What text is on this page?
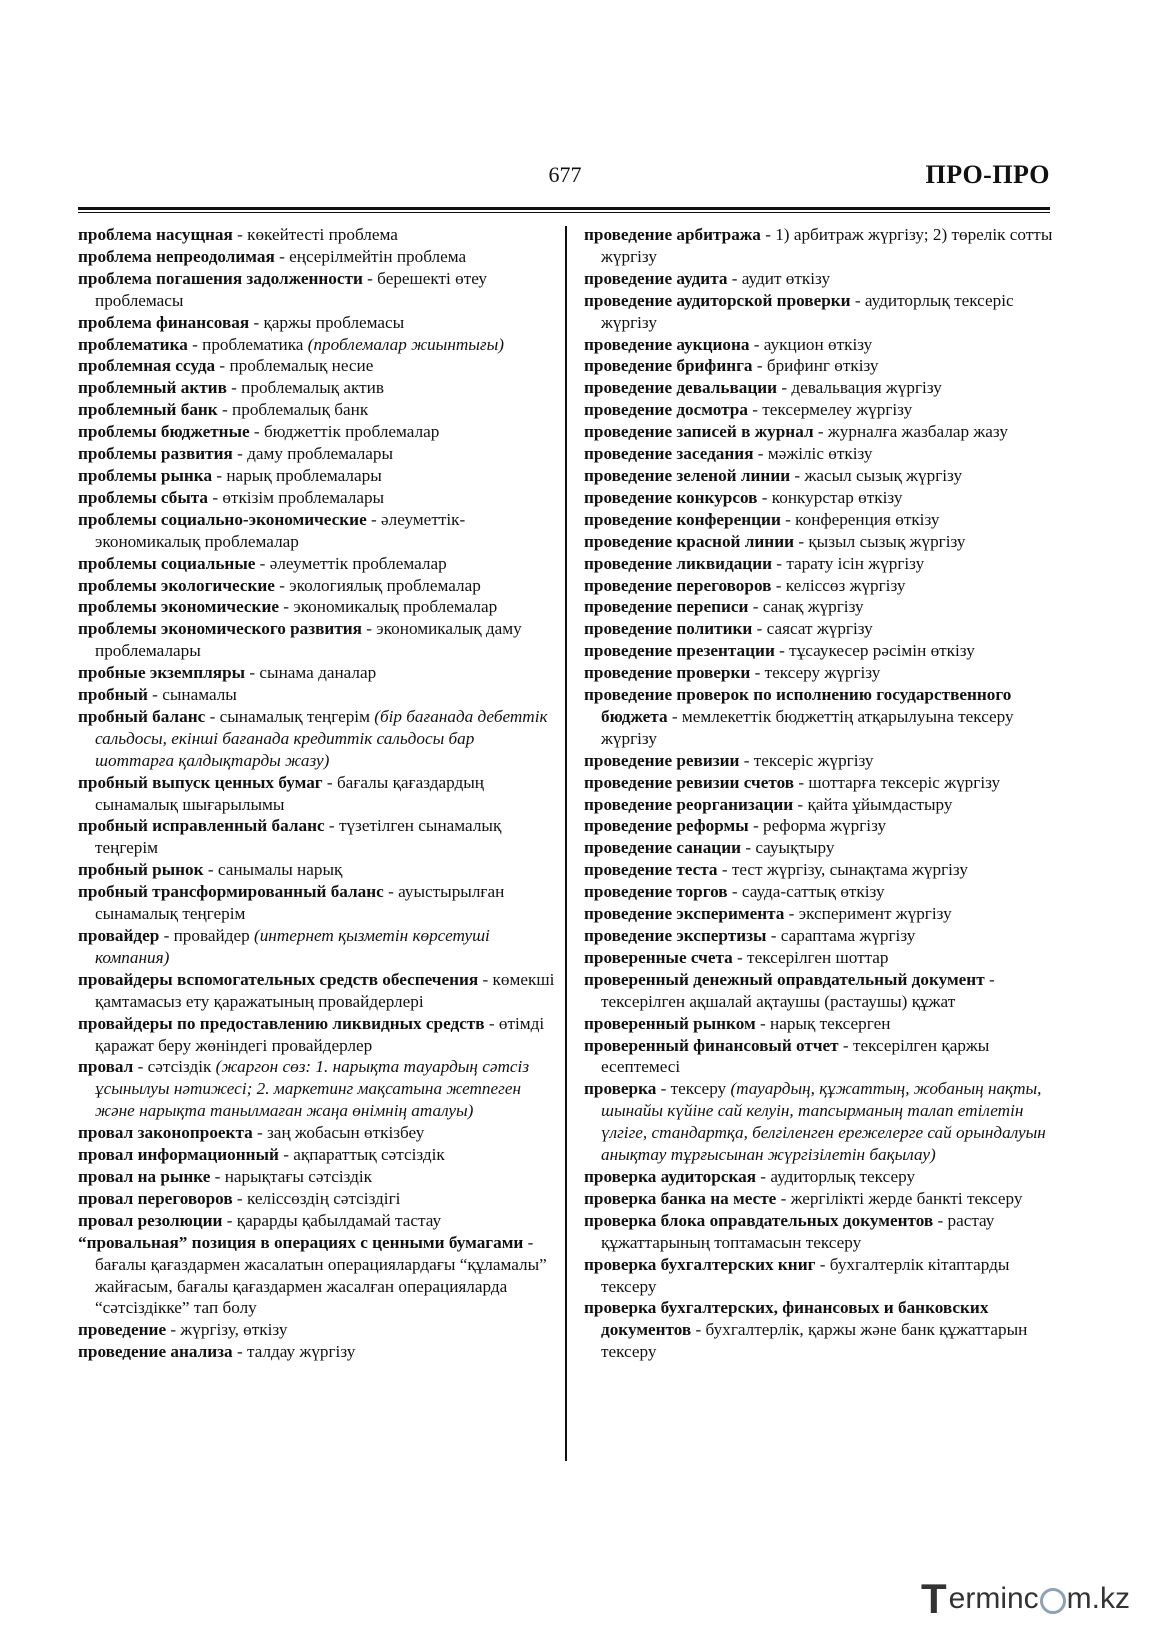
677	ПРО-ПРО

проблема насущная - көкейтесті проблема

проблема непреодолимая - еңсерілмейтін проблема

проблема погашения задолженности - берешекті өтеу проблемасы

проблема финансовая - қаржы проблемасы

проблематика - проблематика (проблемалар жиынтығы)

проблемная ссуда - проблемалық несие

проблемный актив - проблемалық актив

проблемный банк - проблемалық банк

проблемы бюджетные - бюджеттік проблемалар

проблемы развития - даму проблемалары

проблемы рынка - нарық проблемалары

проблемы сбыта - өткізім проблемалары

проблемы социально-экономические - әлеуметтік-экономикалық проблемалар

проблемы социальные - әлеуметтік проблемалар

проблемы экологические - экологиялық проблемалар

проблемы экономические - экономикалық проблемалар

проблемы экономического развития - экономикалық даму проблемалары

пробные экземпляры - сынама даналар

пробный - сынамалы

пробный баланс - сынамалық теңгерім (бір бағанада дебеттік сальдосы, екінші бағанада кредиттік сальдосы бар шоттарға қалдықтарды жазу)

пробный выпуск ценных бумаг - бағалы қағаздардың сынамалық шығарылымы

пробный исправленный баланс - түзетілген сынамалық теңгерім

пробный рынок - санымалы нарық

пробный трансформированный баланс - ауыстырылған сынамалық теңгерім

провайдер - провайдер (интернет қызметін көрсетуші компания)

провайдеры вспомогательных средств обеспечения - көмекші қамтамасыз ету қаражатының провайдерлері

провайдеры по предоставлению ликвидных средств - өтімді қаражат беру жөніндегі провайдерлер

провал - сәтсіздік (жаргон сөз: 1. нарықта тауардың сәтсіз ұсынылуы нәтижесі; 2. маркетинг мақсатына жетпеген және нарықта танылмаған жаңа өнімнің аталуы)

провал законопроекта - заң жобасын өткізбеу

провал информационный - ақпараттық сәтсіздік

провал на рынке - нарықтағы сәтсіздік

провал переговоров - келіссөздің сәтсіздігі

провал резолюции - қарарды қабылдамай тастау

“провальная” позиция в операциях с ценными бумагами - бағалы қағаздармен жасалатын операциялардағы “құламалы” жайғасым, бағалы қағаздармен жасалған операцияларда “сәтсіздікке” тап болу

проведение - жүргізу, өткізу

проведение анализа - талдау жүргізу

проведение арбитража - 1) арбитраж жүргізу; 2) төрелік сотты жүргізу

проведение аудита - аудит өткізу

проведение аудиторской проверки - аудиторлық тексеріс жүргізу

проведение аукциона - аукцион өткізу

проведение брифинга - брифинг өткізу

проведение девальвации - девальвация жүргізу

проведение досмотра - тексермелеу жүргізу

проведение записей в журнал - журналға жазбалар жазу

проведение заседания - мәжіліс өткізу

проведение зеленой линии - жасыл сызық жүргізу

проведение конкурсов - конкурстар өткізу

проведение конференции - конференция өткізу

проведение красной линии - қызыл сызық жүргізу

проведение ликвидации - тарату ісін жүргізу

проведение переговоров - келіссөз жүргізу

проведение переписи - санақ жүргізу

проведение политики - саясат жүргізу

проведение презентации - тұсаукесер рәсімін өткізу

проведение проверки - тексеру жүргізу

проведение проверок по исполнению государственного бюджета - мемлекеттік бюджеттің атқарылуына тексеру жүргізу

проведение ревизии - тексеріс жүргізу

проведение ревизии счетов - шоттарға тексеріс жүргізу

проведение реорганизации - қайта ұйымдастыру

проведение реформы - реформа жүргізу

проведение санации - сауықтыру

проведение теста - тест жүргізу, сынақтама жүргізу

проведение торгов - сауда-саттық өткізу

проведение эксперимента - эксперимент жүргізу

проведение экспертизы - сараптама жүргізу

проверенные счета - тексерілген шоттар

проверенный денежный оправдательный документ - тексерілген ақшалай ақтаушы (растаушы) құжат

проверенный рынком - нарық тексерген

проверенный финансовый отчет - тексерілген қаржы есептемесі

проверка - тексеру (тауардың, құжаттың, жобаның нақты, шынайы күйіне сай келуін, тапсырманың талап етілетін үлгіге, стандартқа, белгіленген ережелерге сай орындалуын анықтау тұрғысынан жүргізілетін бақылау)

проверка аудиторская - аудиторлық тексеру

проверка банка на месте - жергілікті жерде банкті тексеру

проверка блока оправдательных документов - растау құжаттарының топтамасын тексеру

проверка бухгалтерских книг - бухгалтерлік кітаптарды тексеру

проверка бухгалтерских, финансовых и банковских документов - бухгалтерлік, қаржы және банк құжаттарын тексеру

T erminc m.kz
